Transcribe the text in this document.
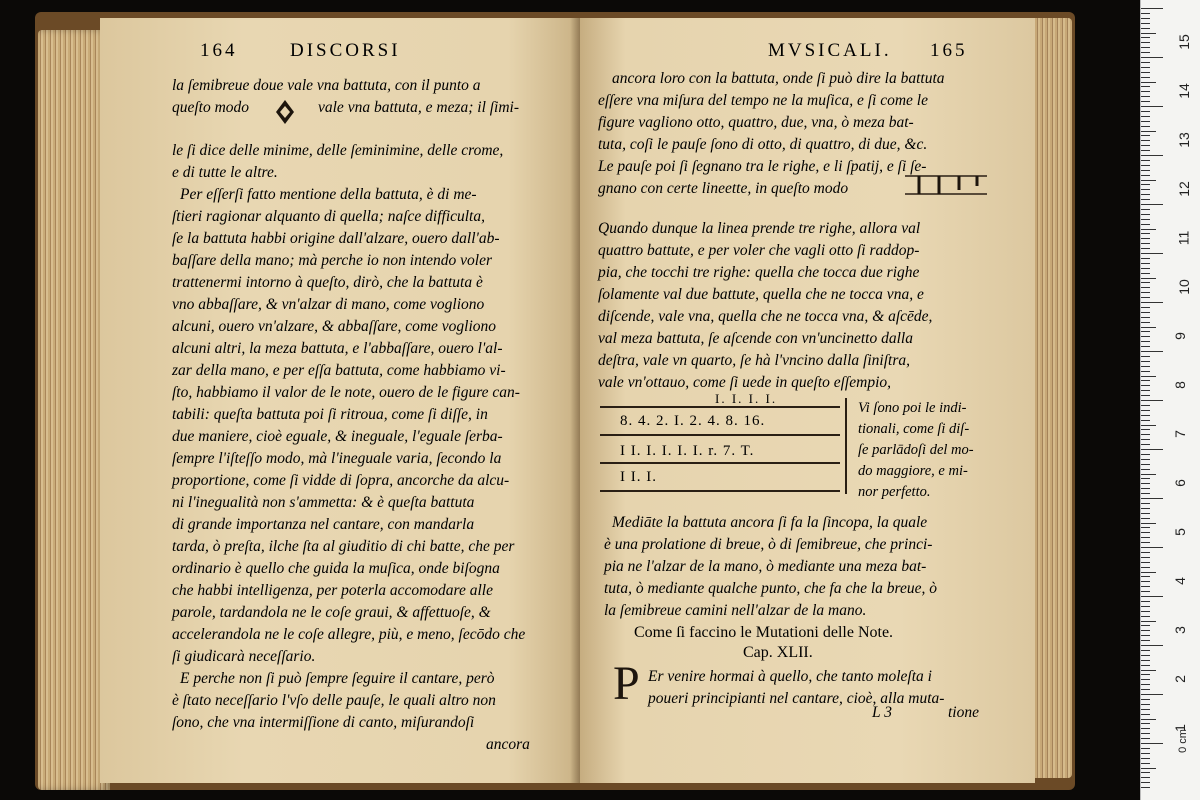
164	DISCORSI
la ſemibreue doue vale vna battuta, con il punto a
queſto modo	vale vna battuta, e meza; il ſimi-
le ſi dice delle minime, delle ſeminimine, delle crome,
e di tutte le altre.
Per eſſerſi fatto mentione della battuta, è di me-
ſtieri ragionar alquanto di quella; naſce difficulta,
ſe la battuta habbi origine dall'alzare, ouero dall'ab-
baſſare della mano; mà perche io non intendo voler
trattenermi intorno à queſto, dirò, che la battuta è
vno abbaſſare, & vn'alzar di mano, come vogliono
alcuni, ouero vn'alzare, & abbaſſare, come vogliono
alcuni altri, la meza battuta, e l'abbaſſare, ouero l'al-
zar della mano, e per eſſa battuta, come habbiamo vi-
ſto, habbiamo il valor de le note, ouero de le figure can-
tabili: queſta battuta poi ſi ritroua, come ſi diſſe, in
due maniere, cioè eguale, & ineguale, l'eguale ſerba-
ſempre l'iſteſſo modo, mà l'ineguale varia, ſecondo la
proportione, come ſi vidde di ſopra, ancorche da alcu-
ni l'inegualità non s'ammetta: & è queſta battuta
di grande importanza nel cantare, con mandarla
tarda, ò preſta, ilche ſta al giuditio di chi batte, che per
ordinario è quello che guida la muſica, onde biſogna
che habbi intelligenza, per poterla accomodare alle
parole, tardandola ne le coſe graui, & affettuoſe, &
accelerandola ne le coſe allegre, più, e meno, ſecōdo che
ſi giudicarà neceſſario.
E perche non ſi può ſempre ſeguire il cantare, però
è ſtato neceſſario l'vſo delle pauſe, le quali altro non
ſono, che vna intermiſſione di canto, miſurandoſi
ancora
MVSICALI. 165
ancora loro con la battuta, onde ſi può dire la battuta
eſſere vna miſura del tempo ne la muſica, e ſi come le
figure vagliono otto, quattro, due, vna, ò meza bat-
tuta, coſi le pauſe ſono di otto, di quattro, di due, &c.
Le pauſe poi ſi ſegnano tra le righe, e li ſpatij, e ſi ſe-
gnano con certe lineette, in queſto modo
Quando dunque la linea prende tre righe, allora val
quattro battute, e per voler che vagli otto ſi raddop-
pia, che tocchi tre righe: quella che tocca due righe
ſolamente val due battute, quella che ne tocca vna, e
diſcende, vale vna, quella che ne tocca vna, & aſcēde,
val meza battuta, ſe aſcende con vn'uncinetto dalla
deſtra, vale vn quarto, ſe hà l'vncino dalla ſiniſtra,
vale vn'ottauo, come ſi uede in queſto eſſempio,
I. I. I. I.
8. 4. 2. I. 2. 4. 8. 16.
I I. I. I. I. I. r. 7. T.
I I. I.
Vi ſono poi le indi-
tionali, come ſi diſ-
ſe parlādoſi del mo-
do maggiore, e mi-
nor perfetto.
Mediāte la battuta ancora ſi fa la ſincopa, la quale
è una prolatione di breue, ò di ſemibreue, che princi-
pia ne l'alzar de la mano, ò mediante una meza bat-
tuta, ò mediante qualche punto, che fa che la breue, ò
la ſemibreue camini nell'alzar de la mano.
Come ſi faccino le Mutationi delle Note.
Cap. XLII.
P Er venire hormai à quello, che tanto moleſta i
poueri principianti nel cantare, cioè, alla muta-
L 3	tione
15
14
13
12
11
10
9
8
7
6
5
4
3
2
1
0 cm
